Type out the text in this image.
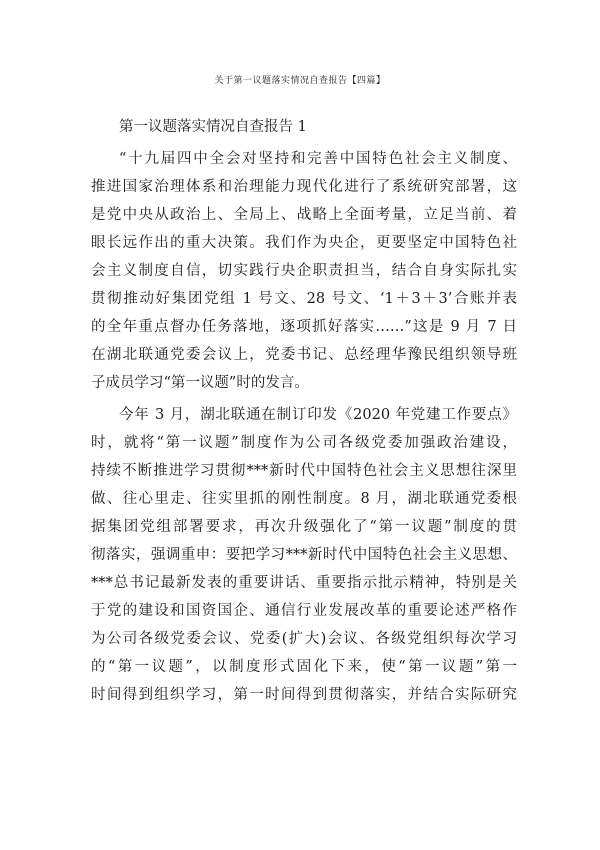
关于第一议题落实情况自查报告【四篇】
第一议题落实情况自查报告 1
“十九届四中全会对坚持和完善中国特色社会主义制度、
推进国家治理体系和治理能力现代化进行了系统研究部署，这
是党中央从政治上、全局上、战略上全面考量，立足当前、着
眼长远作出的重大决策。我们作为央企，更要坚定中国特色社
会主义制度自信，切实践行央企职责担当，结合自身实际扎实
贯彻推动好集团党组 1 号文、28 号文、‘1＋3＋3’合账并表
的全年重点督办任务落地，逐项抓好落实……”这是 9 月 7 日
在湖北联通党委会议上，党委书记、总经理华豫民组织领导班
子成员学习“第一议题”时的发言。
今年 3 月，湖北联通在制订印发《2020 年党建工作要点》
时，就将“第一议题”制度作为公司各级党委加强政治建设，
持续不断推进学习贯彻***新时代中国特色社会主义思想往深里
做、往心里走、往实里抓的刚性制度。8 月，湖北联通党委根
据集团党组部署要求，再次升级强化了“第一议题”制度的贯
彻落实，强调重申：要把学习***新时代中国特色社会主义思想、
***总书记最新发表的重要讲话、重要指示批示精神，特别是关
于党的建设和国资国企、通信行业发展改革的重要论述严格作
为公司各级党委会议、党委(扩大)会议、各级党组织每次学习
的“第一议题”，以制度形式固化下来，使“第一议题”第一
时间得到组织学习，第一时间得到贯彻落实，并结合实际研究
